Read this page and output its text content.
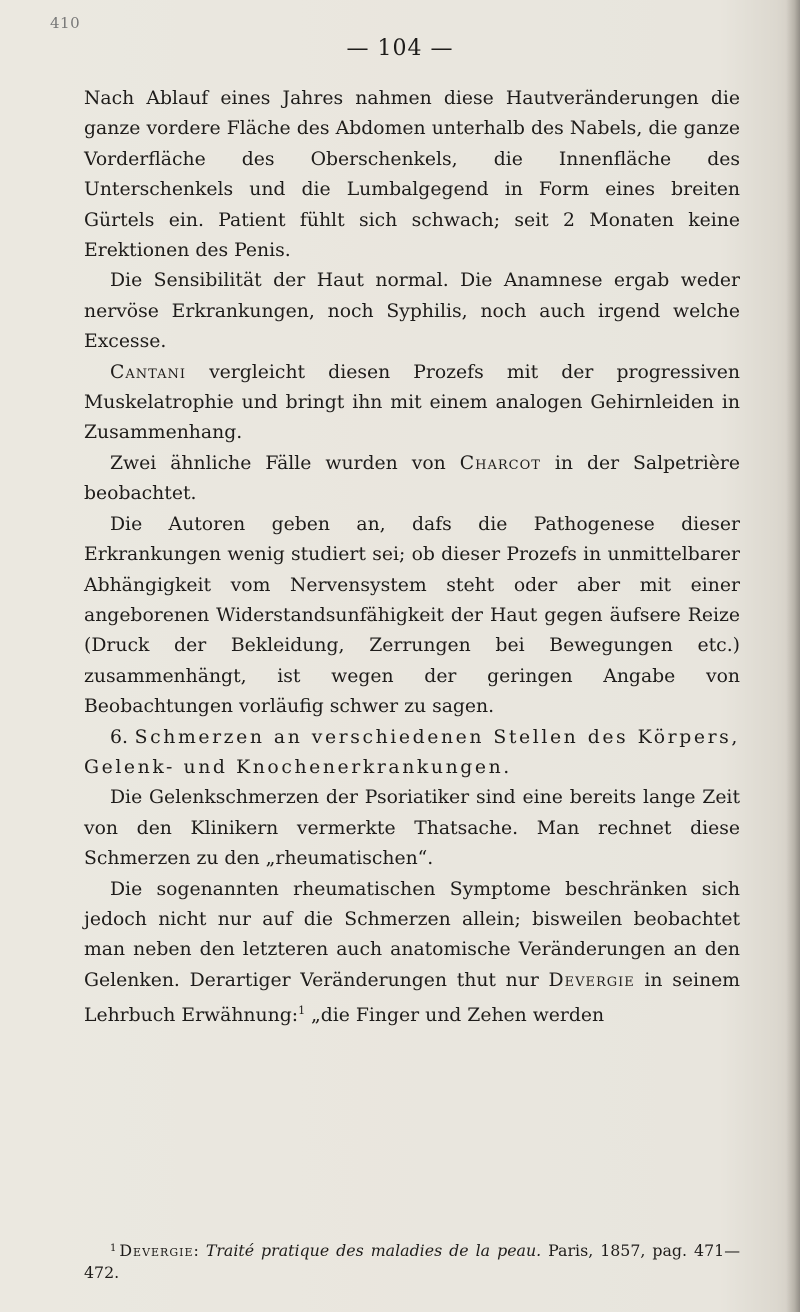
410
— 104 —

Nach Ablauf eines Jahres nahmen diese Hautveränderungen die ganze vordere Fläche des Abdomen unterhalb des Nabels, die ganze Vorderfläche des Oberschenkels, die Innenfläche des Unterschenkels und die Lumbalgegend in Form eines breiten Gürtels ein. Patient fühlt sich schwach; seit 2 Monaten keine Erektionen des Penis.

Die Sensibilität der Haut normal. Die Anamnese ergab weder nervöse Erkrankungen, noch Syphilis, noch auch irgend welche Excesse.

Cantani vergleicht diesen Prozefs mit der progressiven Muskelatrophie und bringt ihn mit einem analogen Gehirnleiden in Zusammenhang.

Zwei ähnliche Fälle wurden von Charcot in der Salpetrière beobachtet.

Die Autoren geben an, dafs die Pathogenese dieser Erkrankungen wenig studiert sei; ob dieser Prozefs in unmittelbarer Abhängigkeit vom Nervensystem steht oder aber mit einer angeborenen Widerstandsunfähigkeit der Haut gegen äufsere Reize (Druck der Bekleidung, Zerrungen bei Bewegungen etc.) zusammenhängt, ist wegen der geringen Angabe von Beobachtungen vorläufig schwer zu sagen.

6. Schmerzen an verschiedenen Stellen des Körpers, Gelenk- und Knochenerkrankungen.

Die Gelenkschmerzen der Psoriatiker sind eine bereits lange Zeit von den Klinikern vermerkte Thatsache. Man rechnet diese Schmerzen zu den „rheumatischen“.

Die sogenannten rheumatischen Symptome beschränken sich jedoch nicht nur auf die Schmerzen allein; bisweilen beobachtet man neben den letzteren auch anatomische Veränderungen an den Gelenken. Derartiger Veränderungen thut nur Devergie in seinem Lehrbuch Erwähnung:$^1$ „die Finger und Zehen werden

$^1$ Devergie: Traité pratique des maladies de la peau. Paris, 1857, pag. 471—472.
